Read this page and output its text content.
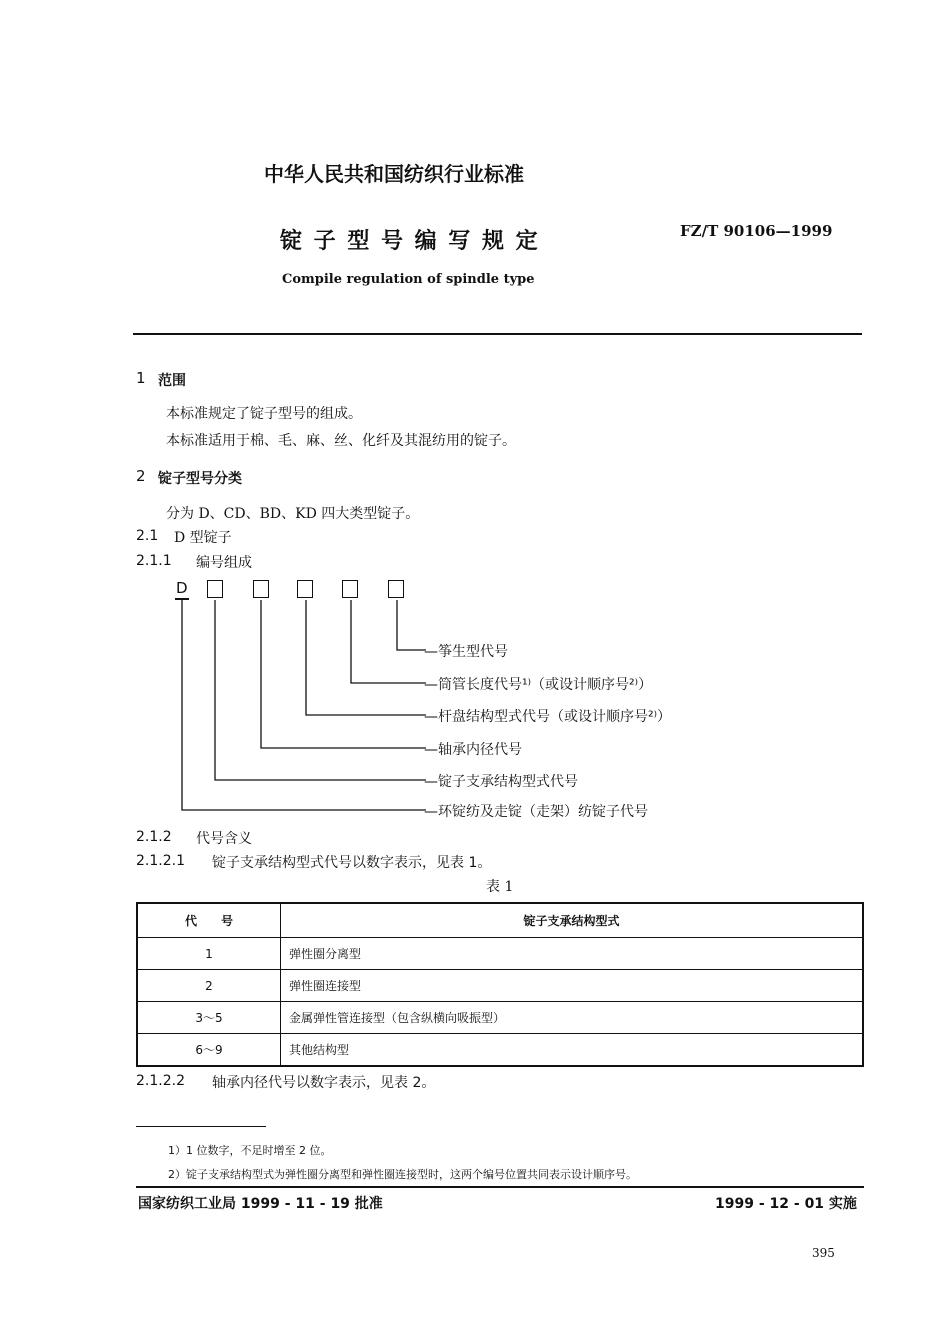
中华人民共和国纺织行业标准
锭 子 型 号 编 写 规 定	FZ/T 90106—1999
Compile regulation of spindle type
1 范围
本标准规定了锭子型号的组成。
本标准适用于棉、毛、麻、丝、化纤及其混纺用的锭子。
2 锭子型号分类
分为 D、CD、BD、KD 四大类型锭子。
2.1 D 型锭子
2.1.1 编号组成
D
—筝生型代号
—筒管长度代号¹⁾（或设计顺序号²⁾）
—杆盘结构型式代号（或设计顺序号²⁾）
—轴承内径代号
—锭子支承结构型式代号
—环锭纺及走锭（走架）纺锭子代号
2.1.2 代号含义
2.1.2.1 锭子支承结构型式代号以数字表示，见表 1。
表 1
代　　号	锭子支承结构型式
1	弹性圈分离型
2	弹性圈连接型
3～5	金属弹性管连接型（包含纵横向吸振型）
6～9	其他结构型
2.1.2.2 轴承内径代号以数字表示，见表 2。
1）1 位数字，不足时增至 2 位。
2）锭子支承结构型式为弹性圈分离型和弹性圈连接型时，这两个编号位置共同表示设计顺序号。
国家纺织工业局 1999 - 11 - 19 批准	1999 - 12 - 01 实施
395
